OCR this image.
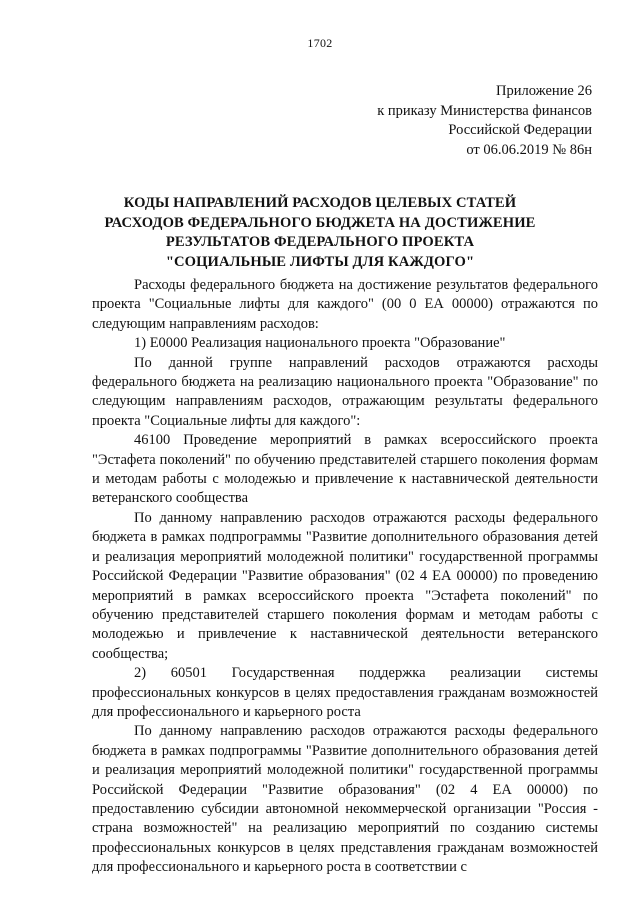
1702
Приложение 26
к приказу Министерства финансов
Российской Федерации
от 06.06.2019 № 86н
КОДЫ НАПРАВЛЕНИЙ РАСХОДОВ ЦЕЛЕВЫХ СТАТЕЙ
РАСХОДОВ ФЕДЕРАЛЬНОГО БЮДЖЕТА НА ДОСТИЖЕНИЕ
РЕЗУЛЬТАТОВ ФЕДЕРАЛЬНОГО ПРОЕКТА
"СОЦИАЛЬНЫЕ ЛИФТЫ ДЛЯ КАЖДОГО"

Расходы федерального бюджета на достижение результатов федерального проекта "Социальные лифты для каждого" (00 0 ЕА 00000) отражаются по следующим направлениям расходов:

1) Е0000 Реализация национального проекта "Образование"

По данной группе направлений расходов отражаются расходы федерального бюджета на реализацию национального проекта "Образование" по следующим направлениям расходов, отражающим результаты федерального проекта "Социальные лифты для каждого":

46100 Проведение мероприятий в рамках всероссийского проекта "Эстафета поколений" по обучению представителей старшего поколения формам и методам работы с молодежью и привлечение к наставнической деятельности ветеранского сообщества

По данному направлению расходов отражаются расходы федерального бюджета в рамках подпрограммы "Развитие дополнительного образования детей и реализация мероприятий молодежной политики" государственной программы Российской Федерации "Развитие образования" (02 4 ЕА 00000) по проведению мероприятий в рамках всероссийского проекта "Эстафета поколений" по обучению представителей старшего поколения формам и методам работы с молодежью и привлечение к наставнической деятельности ветеранского сообщества;

2) 60501 Государственная поддержка реализации системы профессиональных конкурсов в целях предоставления гражданам возможностей для профессионального и карьерного роста

По данному направлению расходов отражаются расходы федерального бюджета в рамках подпрограммы "Развитие дополнительного образования детей и реализация мероприятий молодежной политики" государственной программы Российской Федерации "Развитие образования" (02 4 ЕА 00000) по предоставлению субсидии автономной некоммерческой организации "Россия - страна возможностей" на реализацию мероприятий по созданию системы профессиональных конкурсов в целях представления гражданам возможностей для профессионального и карьерного роста в соответствии с
